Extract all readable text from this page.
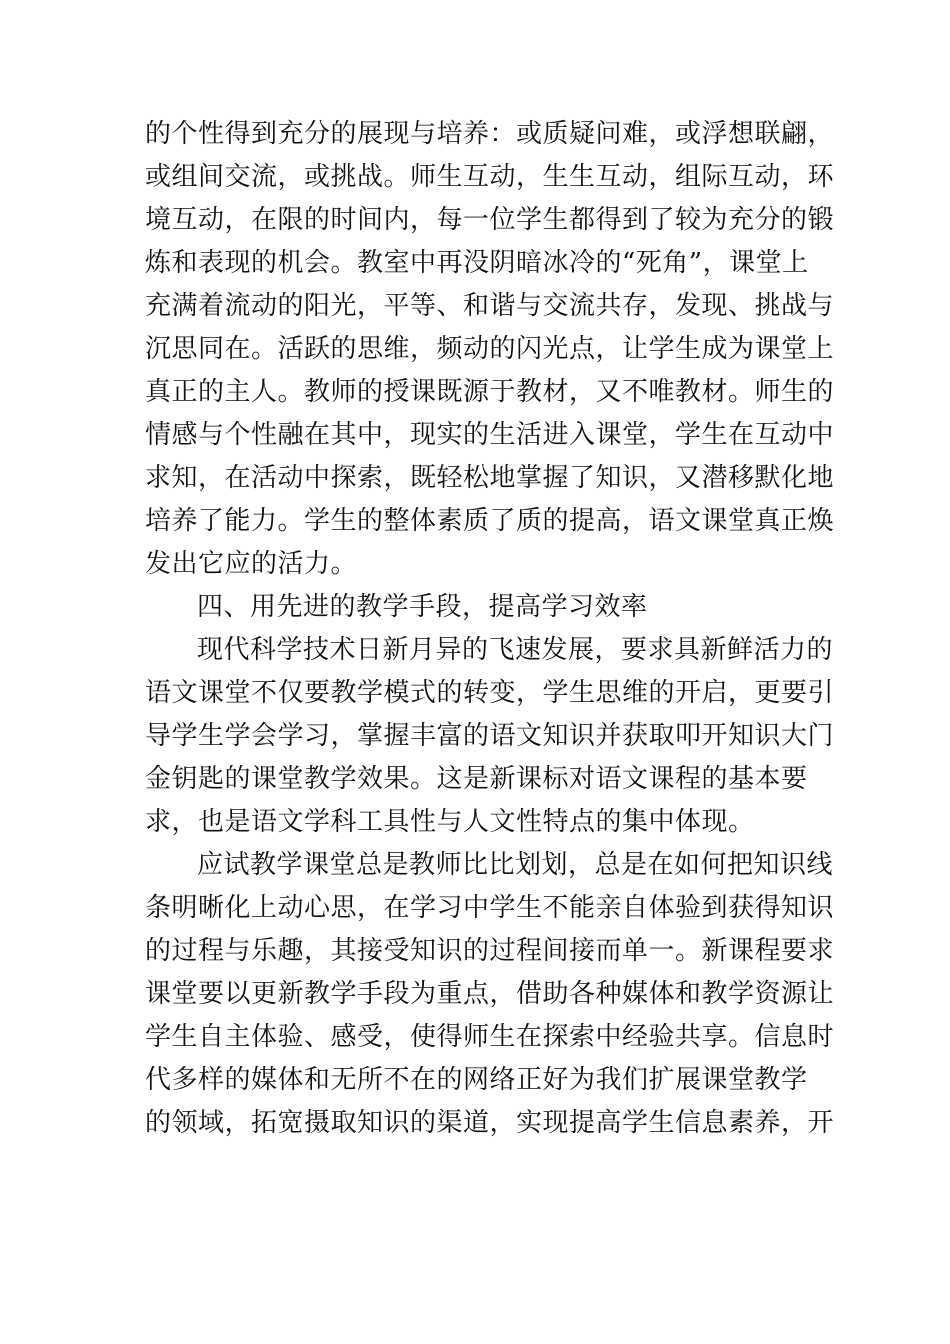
的个性得到充分的展现与培养：或质疑问难，或浮想联翩，
或组间交流，或挑战。师生互动，生生互动，组际互动，环
境互动，在限的时间内，每一位学生都得到了较为充分的锻
炼和表现的机会。教室中再没阴暗冰冷的“死角”，课堂上
充满着流动的阳光，平等、和谐与交流共存，发现、挑战与
沉思同在。活跃的思维，频动的闪光点，让学生成为课堂上
真正的主人。教师的授课既源于教材，又不唯教材。师生的
情感与个性融在其中，现实的生活进入课堂，学生在互动中
求知，在活动中探索，既轻松地掌握了知识，又潜移默化地
培养了能力。学生的整体素质了质的提高，语文课堂真正焕
发出它应的活力。
四、用先进的教学手段，提高学习效率
现代科学技术日新月异的飞速发展，要求具新鲜活力的
语文课堂不仅要教学模式的转变，学生思维的开启，更要引
导学生学会学习，掌握丰富的语文知识并获取叩开知识大门
金钥匙的课堂教学效果。这是新课标对语文课程的基本要
求，也是语文学科工具性与人文性特点的集中体现。
应试教学课堂总是教师比比划划，总是在如何把知识线
条明晰化上动心思，在学习中学生不能亲自体验到获得知识
的过程与乐趣，其接受知识的过程间接而单一。新课程要求
课堂要以更新教学手段为重点，借助各种媒体和教学资源让
学生自主体验、感受，使得师生在探索中经验共享。信息时
代多样的媒体和无所不在的网络正好为我们扩展课堂教学
的领域，拓宽摄取知识的渠道，实现提高学生信息素养，开
